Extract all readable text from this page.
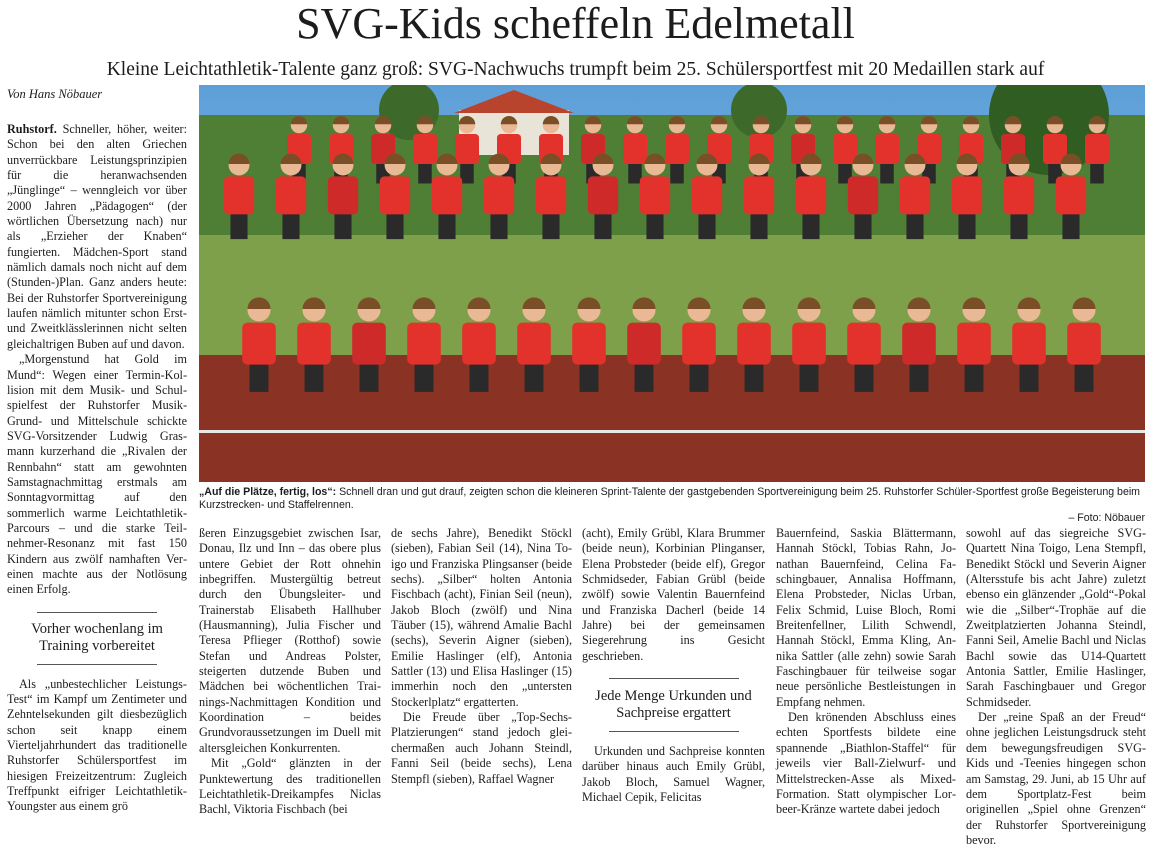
SVG-Kids scheffeln Edelmetall
Kleine Leichtathletik-Talente ganz groß: SVG-Nachwuchs trumpft beim 25. Schülersportfest mit 20 Medaillen stark auf
Von Hans Nöbauer

Ruhstorf. Schneller, höher, weiter: Schon bei den alten Griechen unverrückbare Leistungsprinzipien für die heranwachsenden „Jünglinge“ – wenngleich vor über 2000 Jahren „Pädagogen“ (der wörtlichen Übersetzung nach) nur als „Erzieher der Knaben“ fungierten. Mädchen-Sport stand nämlich damals noch nicht auf dem (Stunden-)Plan. Ganz anders heute: Bei der Ruhstorfer Sportvereinigung laufen nämlich mitunter schon Erst- und Zweitklässlerinnen nicht selten gleichaltrigen Buben auf und davon.

„Morgenstund hat Gold im Mund“: Wegen einer Termin-Kollision mit dem Musik- und Schulspielfest der Ruhstorfer Musik-Grund- und Mittelschule schickte SVG-Vorsitzender Ludwig Grasmann kurzerhand die „Rivalen der Rennbahn“ statt am gewohnten Samstagnachmittag erstmals am Sonntagvormittag auf den sommerlich warme Leichtathletik-Parcours – und die starke Teilnehmer-Resonanz mit fast 150 Kindern aus zwölf namhaften Vereinen machte aus der Notlösung einen Erfolg.

Vorher wochenlang im Training vorbereitet

Als „unbestechlicher Leistungs-Test“ im Kampf um Zentimeter und Zehntelsekunden gilt diesbezüglich schon seit knapp einem Vierteljahrhundert das traditionelle Ruhstorfer Schülersportfest im hiesigen Freizeitzentrum: Zugleich Treffpunkt eifriger Leichtathletik-Youngster aus einem grö

„Auf die Plätze, fertig, los“: Schnell dran und gut drauf, zeigten schon die kleineren Sprint-Talente der gastgebenden Sportvereinigung beim 25. Ruhstorfer Schüler-Sportfest große Begeisterung beim Kurzstrecken- und Staffelrennen.
– Foto: Nöbauer

ßeren Einzugsgebiet zwischen Isar, Donau, Ilz und Inn – das obere plus untere Gebiet der Rott ohnehin inbegriffen. Mustergültig betreut durch den Übungsleiter- und Trainerstab Elisabeth Hallhuber (Hausmanning), Julia Fischer und Teresa Pflieger (Rotthof) sowie Stefan und Andreas Polster, steigerten dutzende Buben und Mädchen bei wöchentlichen Trainings-Nachmittagen Kondition und Koordination – beides Grundvoraussetzungen im Duell mit altersgleichen Konkurrenten.

Mit „Gold“ glänzten in der Punktewertung des traditionellen Leichtathletik-Dreikampfes Niclas Bachl, Viktoria Fischbach (bei

de sechs Jahre), Benedikt Stöckl (sieben), Fabian Seil (14), Nina Toigo und Franziska Plingsanser (beide sechs). „Silber“ holten Antonia Fischbach (acht), Finian Seil (neun), Jakob Bloch (zwölf) und Nina Täuber (15), während Amalie Bachl (sechs), Severin Aigner (sieben), Emilie Haslinger (elf), Antonia Sattler (13) und Elisa Haslinger (15) immerhin noch den „untersten Stockerlplatz“ ergatterten.

Die Freude über „Top-Sechs-Platzierungen“ stand jedoch gleichermaßen auch Johann Steindl, Fanni Seil (beide sechs), Lena Stempfl (sieben), Raffael Wagner

(acht), Emily Grübl, Klara Brummer (beide neun), Korbinian Plinganser, Elena Probsteder (beide elf), Gregor Schmidseder, Fabian Grübl (beide zwölf) sowie Valentin Bauernfeind und Franziska Dacherl (beide 14 Jahre) bei der gemeinsamen Siegerehrung ins Gesicht geschrieben.

Jede Menge Urkunden und Sachpreise ergattert

Urkunden und Sachpreise konnten darüber hinaus auch Emily Grübl, Jakob Bloch, Samuel Wagner, Michael Cepik, Felicitas

Bauernfeind, Saskia Blättermann, Hannah Stöckl, Tobias Rahn, Jonathan Bauernfeind, Celina Faschingbauer, Annalisa Hoffmann, Elena Probsteder, Niclas Urban, Felix Schmid, Luise Bloch, Romi Breitenfellner, Lilith Schwendl, Hannah Stöckl, Emma Kling, Annika Sattler (alle zehn) sowie Sarah Faschingbauer für teilweise sogar neue persönliche Bestleistungen in Empfang nehmen.

Den krönenden Abschluss eines echten Sportfests bildete eine spannende „Biathlon-Staffel“ für jeweils vier Ball-Zielwurf- und Mittelstrecken-Asse als Mixed-Formation. Statt olympischer Lorbeer-Kränze wartete dabei jedoch

sowohl auf das siegreiche SVG-Quartett Nina Toigo, Lena Stempfl, Benedikt Stöckl und Severin Aigner (Altersstufe bis acht Jahre) zuletzt ebenso ein glänzender „Gold“-Pokal wie die „Silber“-Trophäe auf die Zweitplatzierten Johanna Steindl, Fanni Seil, Amelie Bachl und Niclas Bachl sowie das U14-Quartett Antonia Sattler, Emilie Haslinger, Sarah Faschingbauer und Gregor Schmidseder.

Der „reine Spaß an der Freud“ ohne jeglichen Leistungsdruck steht dem bewegungsfreudigen SVG-Kids und -Teenies hingegen schon am Samstag, 29. Juni, ab 15 Uhr auf dem Sportplatz-Fest beim originellen „Spiel ohne Grenzen“ der Ruhstorfer Sportvereinigung bevor.
